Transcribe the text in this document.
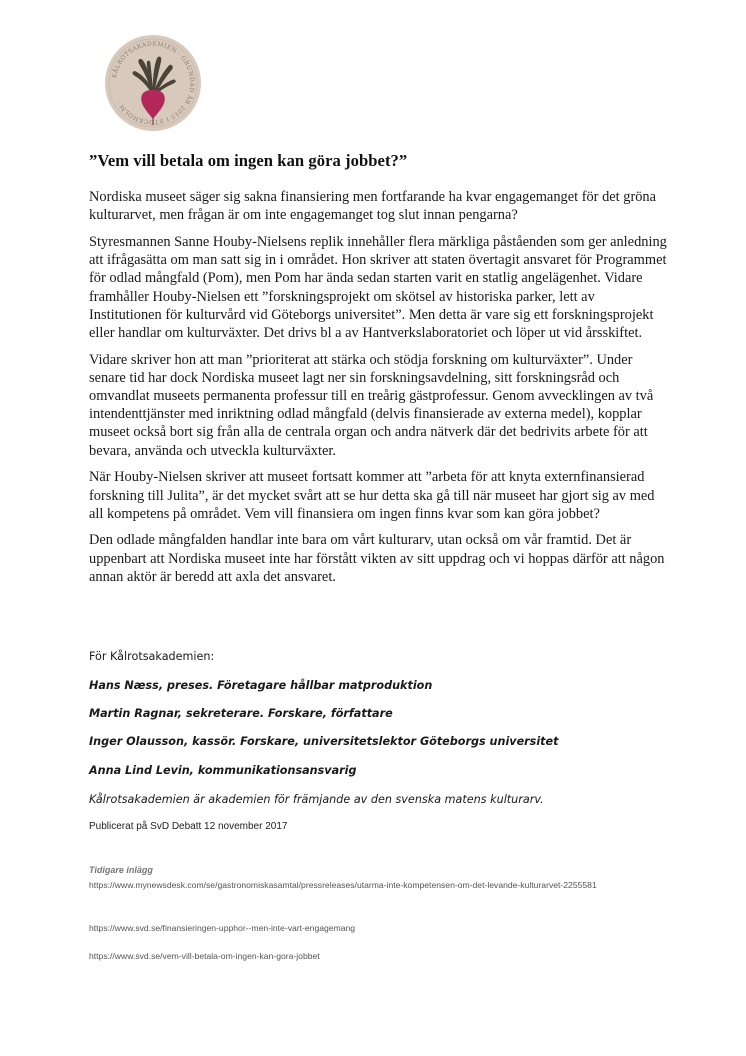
KÅLROTSAKADEMIEN · GRUNDAD ÅR 2015 I STOCKHOLM ·
”Vem vill betala om ingen kan göra jobbet?”

Nordiska museet säger sig sakna finansiering men fortfarande ha kvar engagemanget för det gröna kulturarvet, men frågan är om inte engagemanget tog slut innan pengarna?

Styresmannen Sanne Houby-Nielsens replik innehåller flera märkliga påståenden som ger anledning att ifrågasätta om man satt sig in i området. Hon skriver att staten övertagit ansvaret för Programmet för odlad mångfald (Pom), men Pom har ända sedan starten varit en statlig angelägenhet. Vidare framhåller Houby-Nielsen ett ”forskningsprojekt om skötsel av historiska parker, lett av Institutionen för kulturvård vid Göteborgs universitet”. Men detta är vare sig ett forskningsprojekt eller handlar om kulturväxter. Det drivs bl a av Hantverkslaboratoriet och löper ut vid årsskiftet.

Vidare skriver hon att man ”prioriterat att stärka och stödja forskning om kulturväxter”. Under senare tid har dock Nordiska museet lagt ner sin forskningsavdelning, sitt forskningsråd och omvandlat museets permanenta professur till en treårig gästprofessur. Genom avvecklingen av två intendenttjänster med inriktning odlad mångfald (delvis finansierade av externa medel), kopplar museet också bort sig från alla de centrala organ och andra nätverk där det bedrivits arbete för att bevara, använda och utveckla kulturväxter.

När Houby-Nielsen skriver att museet fortsatt kommer att ”arbeta för att knyta externfinansierad forskning till Julita”, är det mycket svårt att se hur detta ska gå till när museet har gjort sig av med all kompetens på området. Vem vill finansiera om ingen finns kvar som kan göra jobbet?

Den odlade mångfalden handlar inte bara om vårt kulturarv, utan också om vår framtid. Det är uppenbart att Nordiska museet inte har förstått vikten av sitt uppdrag och vi hoppas därför att någon annan aktör är beredd att axla det ansvaret.

För Kålrotsakademien:

Hans Næss, preses. Företagare hållbar matproduktion

Martin Ragnar, sekreterare. Forskare, författare

Inger Olausson, kassör. Forskare, universitetslektor Göteborgs universitet

Anna Lind Levin, kommunikationsansvarig

Kålrotsakademien är akademien för främjande av den svenska matens kulturarv.

Publicerat på SvD Debatt 12 november 2017

Tidigare inlägg

https://www.mynewsdesk.com/se/gastronomiskasamtal/pressreleases/utarma-inte-kompetensen-om-det-levande-kulturarvet-2255581
https://www.svd.se/finansieringen-upphor--men-inte-vart-engagemang
https://www.svd.se/vem-vill-betala-om-ingen-kan-gora-jobbet
